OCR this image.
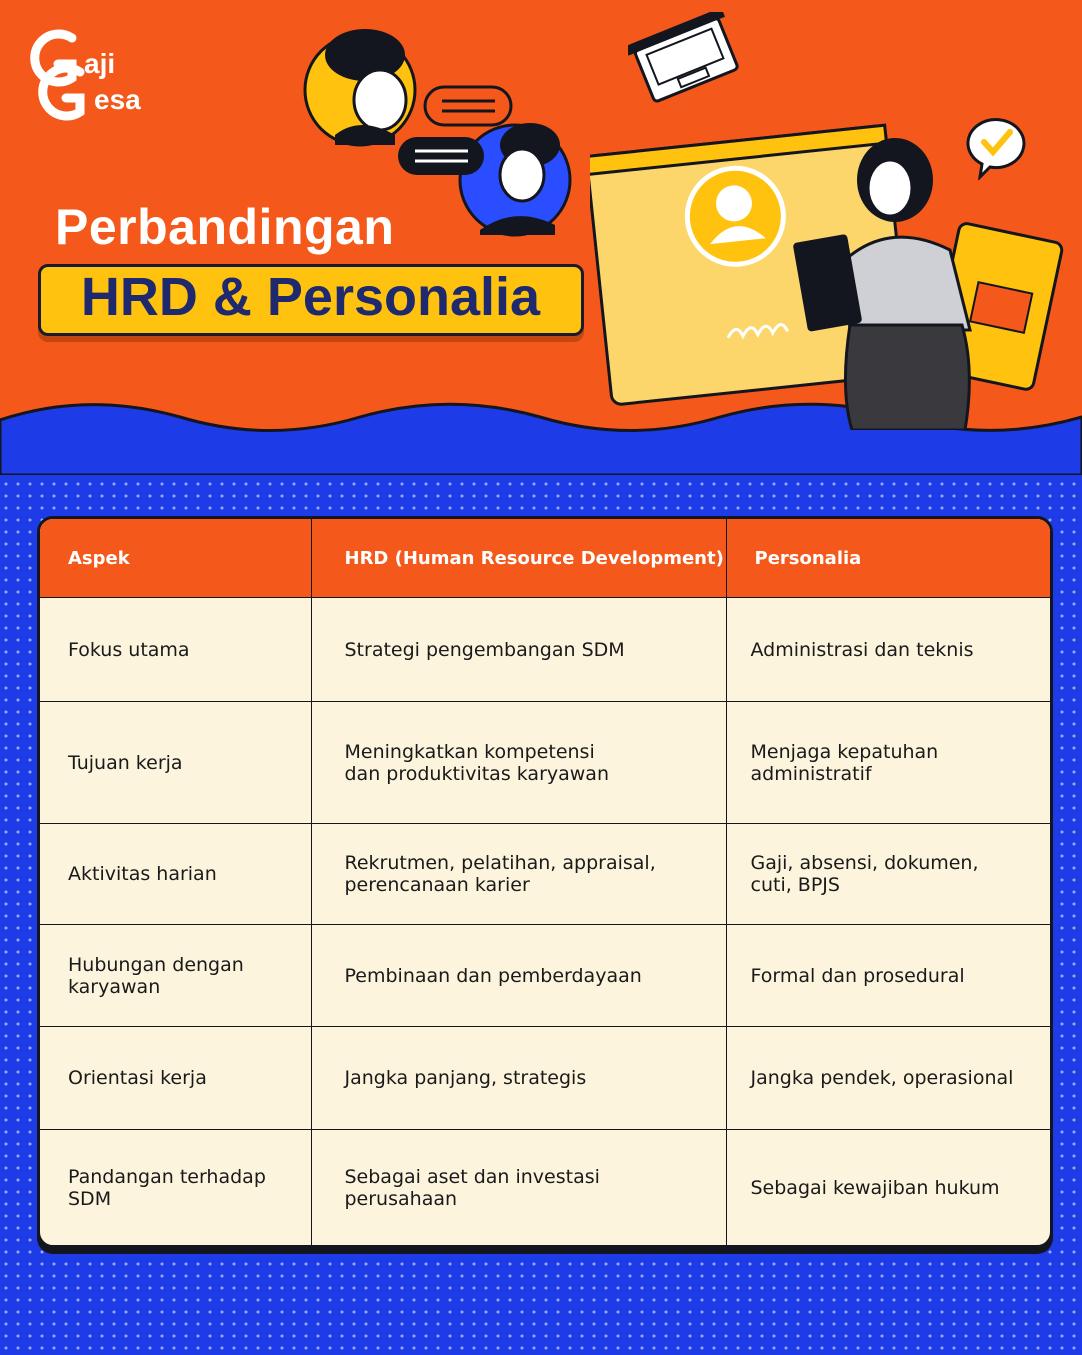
aji
esa
Perbandingan
HRD & Personalia
Aspek	HRD (Human Resource Development)	Personalia
Fokus utama	Strategi pengembangan SDM	Administrasi dan teknis
Tujuan kerja	Meningkatkan kompetensi dan produktivitas karyawan	Menjaga kepatuhan administratif
Aktivitas harian	Rekrutmen, pelatihan, appraisal, perencanaan karier	Gaji, absensi, dokumen, cuti, BPJS
Hubungan dengan karyawan	Pembinaan dan pemberdayaan	Formal dan prosedural
Orientasi kerja	Jangka panjang, strategis	Jangka pendek, operasional
Pandangan terhadap SDM	Sebagai aset dan investasi perusahaan	Sebagai kewajiban hukum
